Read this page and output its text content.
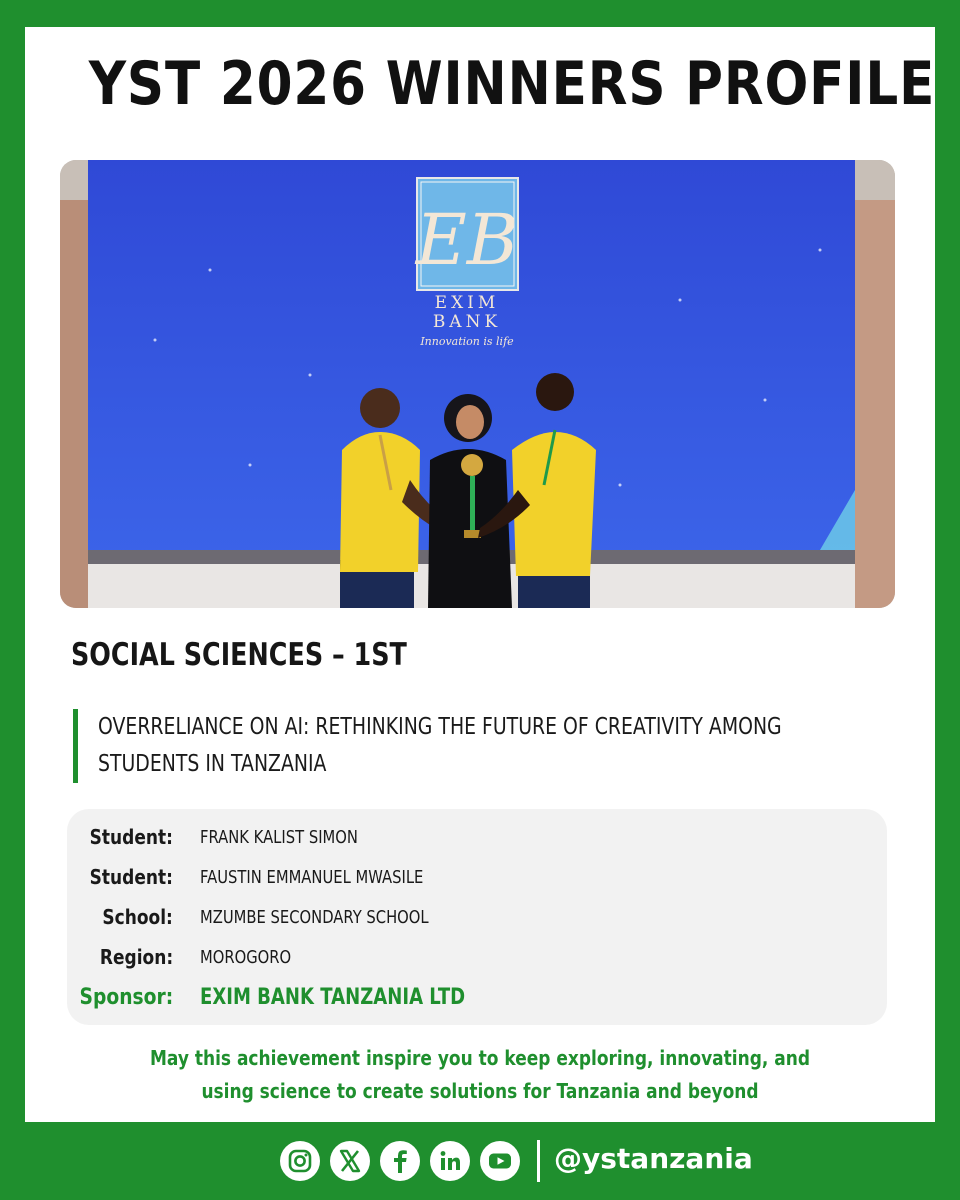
YST 2026 WINNERS PROFILE
EB
EXIM
BANK
Innovation is life
SOCIAL SCIENCES – 1ST
OVERRELIANCE ON AI: RETHINKING THE FUTURE OF CREATIVITY AMONG STUDENTS IN TANZANIA
Student: FRANK KALIST SIMON
Student: FAUSTIN EMMANUEL MWASILE
School: MZUMBE SECONDARY SCHOOL
Region: MOROGORO
Sponsor: EXIM BANK TANZANIA LTD
May this achievement inspire you to keep exploring, innovating, and
using science to create solutions for Tanzania and beyond
@ystanzania
